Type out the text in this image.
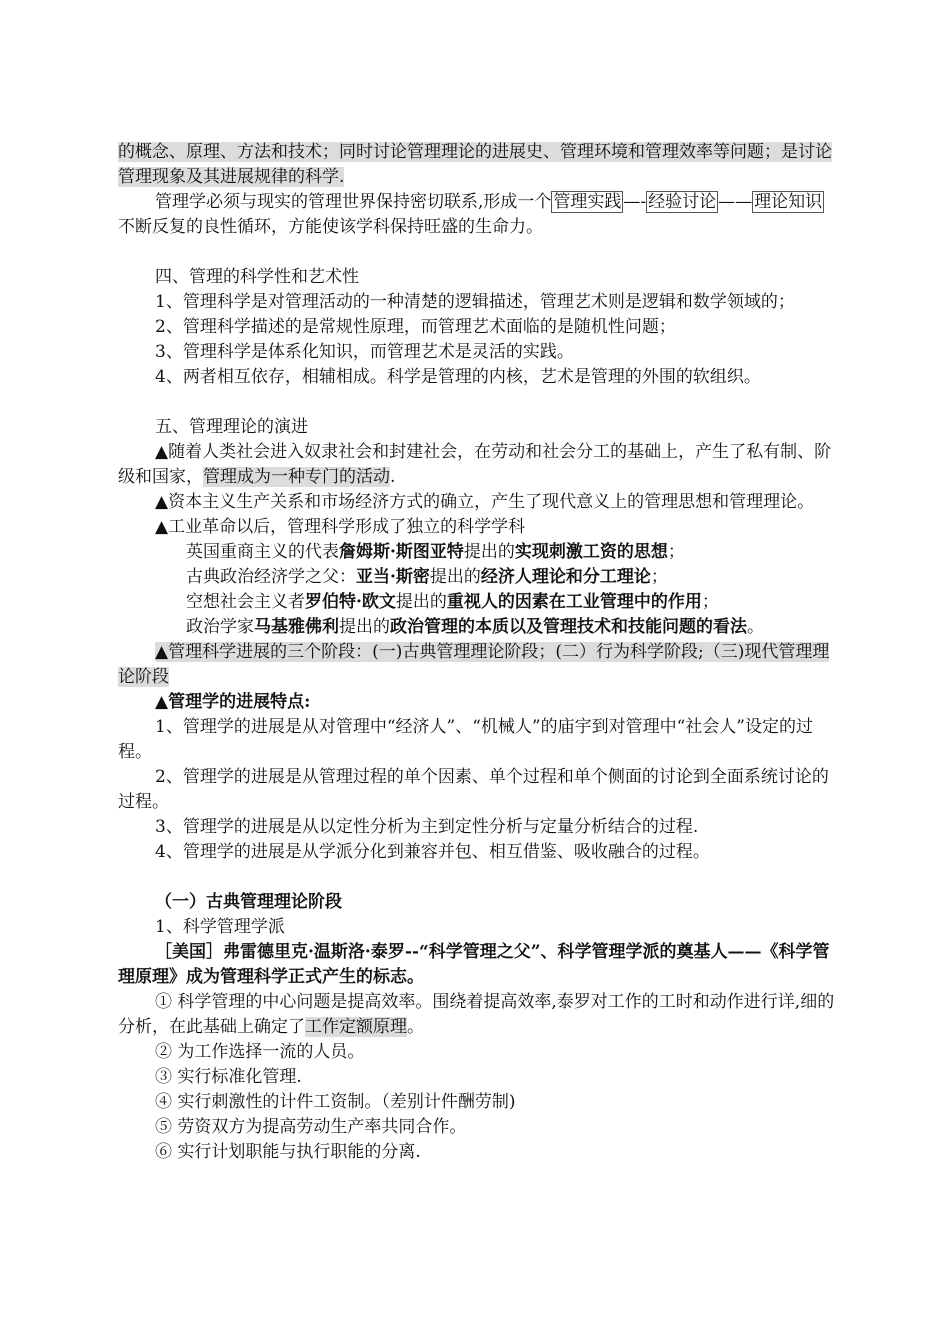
的概念、原理、方法和技术；同时讨论管理理论的进展史、管理环境和管理效率等问题；是讨论管理现象及其进展规律的科学.

管理学必须与现实的管理世界保持密切联系,形成一个 管理实践 —- 经验讨论 —— 理论知识不断反复的良性循环，方能使该学科保持旺盛的生命力。

四、管理的科学性和艺术性

1、管理科学是对管理活动的一种清楚的逻辑描述，管理艺术则是逻辑和数学领域的；

2、管理科学描述的是常规性原理，而管理艺术面临的是随机性问题；

3、管理科学是体系化知识，而管理艺术是灵活的实践。

4、两者相互依存，相辅相成。科学是管理的内核，艺术是管理的外围的软组织。

五、管理理论的演进

▲随着人类社会进入奴隶社会和封建社会，在劳动和社会分工的基础上，产生了私有制、阶级和国家，管理成为一种专门的活动.

▲资本主义生产关系和市场经济方式的确立，产生了现代意义上的管理思想和管理理论。

▲工业革命以后，管理科学形成了独立的科学学科

英国重商主义的代表詹姆斯·斯图亚特提出的实现刺激工资的思想；

古典政治经济学之父：亚当·斯密提出的经济人理论和分工理论；

空想社会主义者罗伯特·欧文提出的重视人的因素在工业管理中的作用；

政治学家马基雅佛利提出的政治管理的本质以及管理技术和技能问题的看法。

▲管理科学进展的三个阶段：(一)古典管理理论阶段；(二）行为科学阶段;（三)现代管理理论阶段

▲管理学的进展特点:

1、管理学的进展是从对管理中“经济人”、“机械人”的庙宇到对管理中“社会人”设定的过程。

2、管理学的进展是从管理过程的单个因素、单个过程和单个侧面的讨论到全面系统讨论的过程。

3、管理学的进展是从以定性分析为主到定性分析与定量分析结合的过程.

4、管理学的进展是从学派分化到兼容并包、相互借鉴、吸收融合的过程。

（一）古典管理理论阶段

1、科学管理学派

［美国］弗雷德里克·温斯洛·泰罗--“科学管理之父”、科学管理学派的奠基人——《科学管理原理》成为管理科学正式产生的标志。

① 科学管理的中心问题是提高效率。围绕着提高效率,泰罗对工作的工时和动作进行详,细的分析，在此基础上确定了工作定额原理。

② 为工作选择一流的人员。

③ 实行标准化管理.

④ 实行刺激性的计件工资制。（差别计件酬劳制)

⑤ 劳资双方为提高劳动生产率共同合作。

⑥ 实行计划职能与执行职能的分离.
